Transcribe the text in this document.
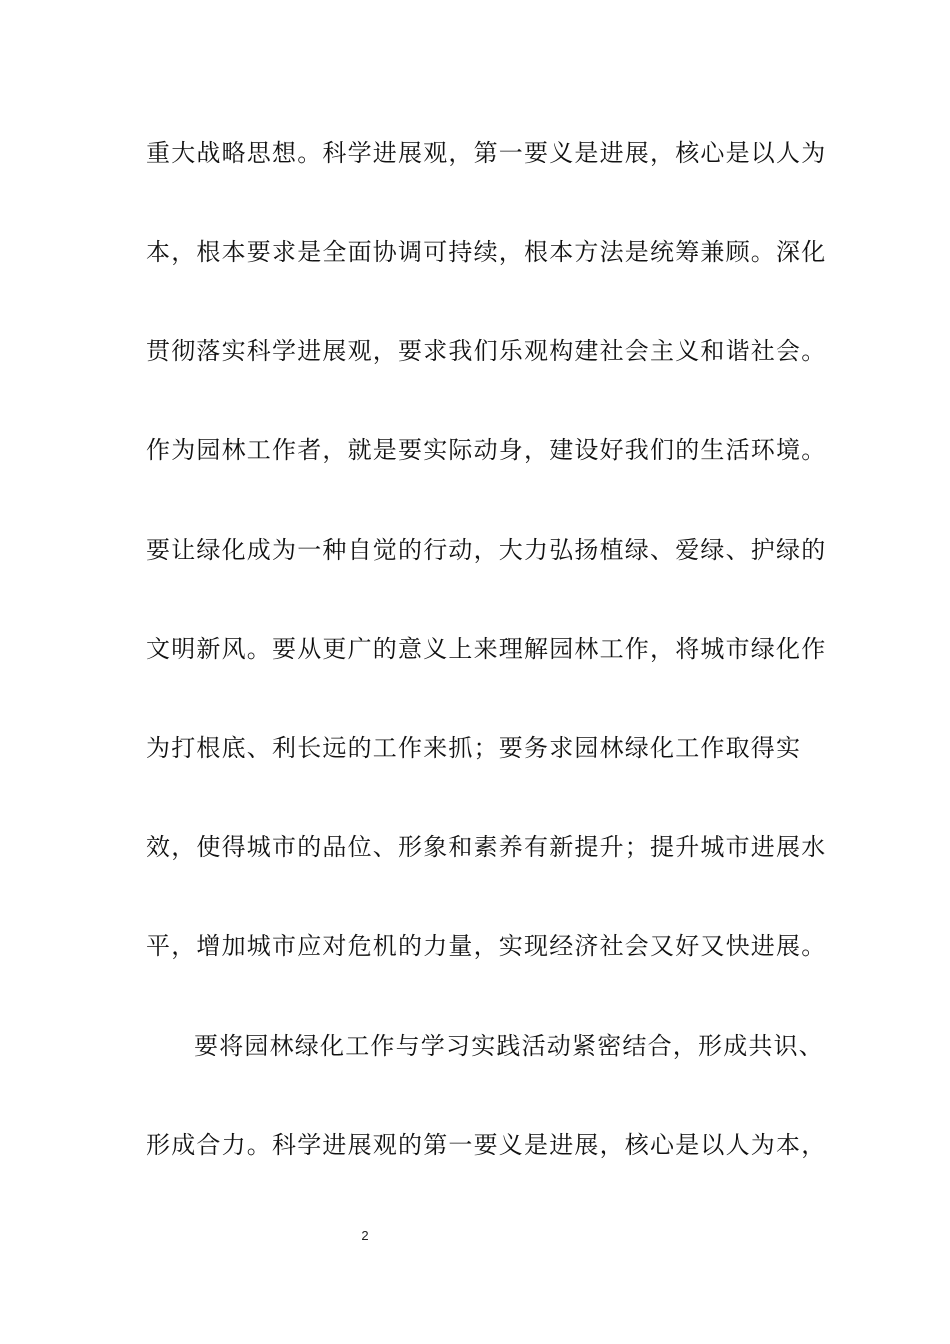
重大战略思想。科学进展观，第一要义是进展，核心是以人为
本，根本要求是全面协调可持续，根本方法是统筹兼顾。深化
贯彻落实科学进展观，要求我们乐观构建社会主义和谐社会。
作为园林工作者，就是要实际动身，建设好我们的生活环境。
要让绿化成为一种自觉的行动，大力弘扬植绿、爱绿、护绿的
文明新风。要从更广的意义上来理解园林工作，将城市绿化作
为打根底、利长远的工作来抓；要务求园林绿化工作取得实
效，使得城市的品位、形象和素养有新提升；提升城市进展水
平，增加城市应对危机的力量，实现经济社会又好又快进展。
要将园林绿化工作与学习实践活动紧密结合，形成共识、
形成合力。科学进展观的第一要义是进展，核心是以人为本，
2
